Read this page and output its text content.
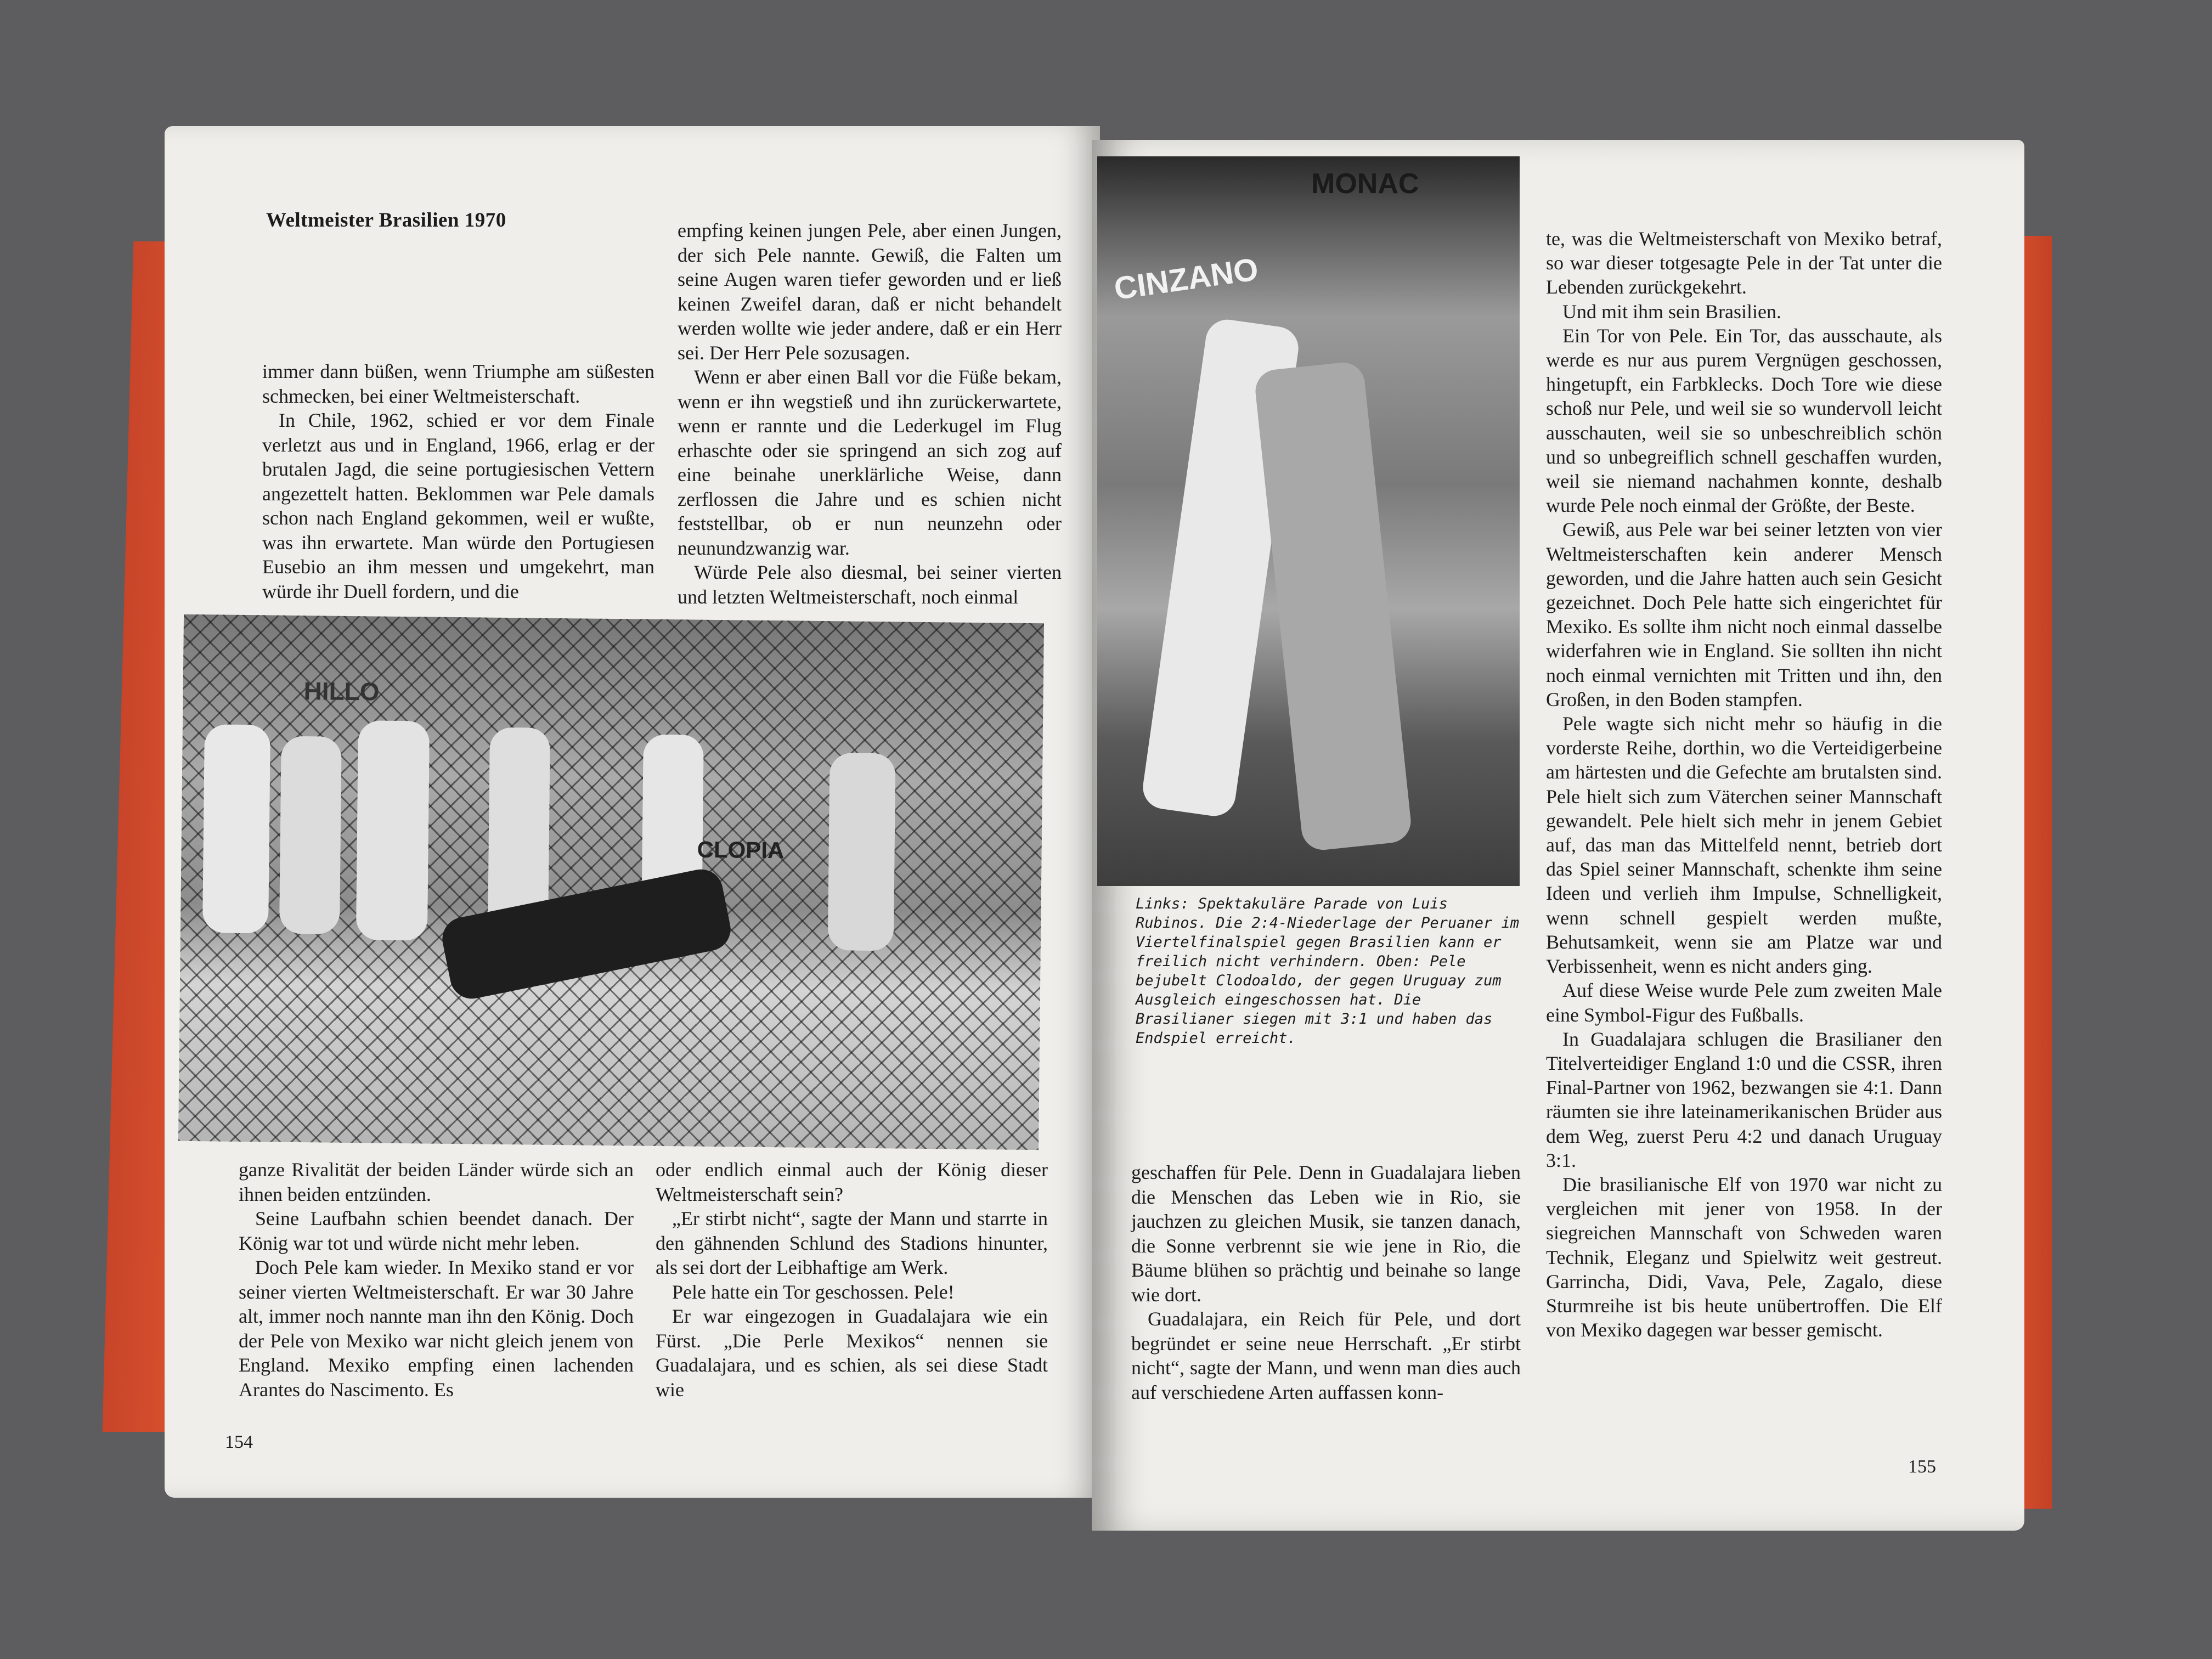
Weltmeister Brasilien 1970

immer dann büßen, wenn Triumphe am süßesten schmecken, bei einer Weltmeisterschaft.

In Chile, 1962, schied er vor dem Finale verletzt aus und in England, 1966, erlag er der brutalen Jagd, die seine portugiesischen Vettern angezettelt hatten. Beklommen war Pele damals schon nach England gekommen, weil er wußte, was ihn erwartete. Man würde den Portugiesen Eusebio an ihm messen und umgekehrt, man würde ihr Duell fordern, und die

empfing keinen jungen Pele, aber einen Jungen, der sich Pele nannte. Gewiß, die Falten um seine Augen waren tiefer geworden und er ließ keinen Zweifel daran, daß er nicht behandelt werden wollte wie jeder andere, daß er ein Herr sei. Der Herr Pele sozusagen.

Wenn er aber einen Ball vor die Füße bekam, wenn er ihn wegstieß und ihn zurückerwartete, wenn er rannte und die Lederkugel im Flug erhaschte oder sie springend an sich zog auf eine beinahe unerklärliche Weise, dann zerflossen die Jahre und es schien nicht feststellbar, ob er nun neunzehn oder neunundzwanzig war.

Würde Pele also diesmal, bei seiner vierten und letzten Weltmeisterschaft, noch einmal

HILLO
CLOPIA

ganze Rivalität der beiden Länder würde sich an ihnen beiden entzünden.

Seine Laufbahn schien beendet danach. Der König war tot und würde nicht mehr leben.

Doch Pele kam wieder. In Mexiko stand er vor seiner vierten Weltmeisterschaft. Er war 30 Jahre alt, immer noch nannte man ihn den König. Doch der Pele von Mexiko war nicht gleich jenem von England. Mexiko empfing einen lachenden Arantes do Nascimento. Es

oder endlich einmal auch der König dieser Weltmeisterschaft sein?

„Er stirbt nicht“, sagte der Mann und starrte in den gähnenden Schlund des Stadions hinunter, als sei dort der Leibhaftige am Werk.

Pele hatte ein Tor geschossen. Pele!

Er war eingezogen in Guadalajara wie ein Fürst. „Die Perle Mexikos“ nennen sie Guadalajara, und es schien, als sei diese Stadt wie

154
MONAC
CINZANO
Links: Spektakuläre Parade von Luis Rubinos. Die 2:4-Niederlage der Peruaner im Viertelfinalspiel gegen Brasilien kann er freilich nicht verhindern. Oben: Pele bejubelt Clodoaldo, der gegen Uruguay zum Ausgleich eingeschossen hat. Die Brasilianer siegen mit 3:1 und haben das Endspiel erreicht.

geschaffen für Pele. Denn in Guadalajara lieben die Menschen das Leben wie in Rio, sie jauchzen zu gleichen Musik, sie tanzen danach, die Sonne verbrennt sie wie jene in Rio, die Bäume blühen so prächtig und beinahe so lange wie dort.

Guadalajara, ein Reich für Pele, und dort begründet er seine neue Herrschaft. „Er stirbt nicht“, sagte der Mann, und wenn man dies auch auf verschiedene Arten auffassen konn-

te, was die Weltmeisterschaft von Mexiko betraf, so war dieser totgesagte Pele in der Tat unter die Lebenden zurückgekehrt.

Und mit ihm sein Brasilien.

Ein Tor von Pele. Ein Tor, das ausschaute, als werde es nur aus purem Vergnügen geschossen, hingetupft, ein Farbklecks. Doch Tore wie diese schoß nur Pele, und weil sie so wundervoll leicht ausschauten, weil sie so unbeschreiblich schön und so unbegreiflich schnell geschaffen wurden, weil sie niemand nachahmen konnte, deshalb wurde Pele noch einmal der Größte, der Beste.

Gewiß, aus Pele war bei seiner letzten von vier Weltmeisterschaften kein anderer Mensch geworden, und die Jahre hatten auch sein Gesicht gezeichnet. Doch Pele hatte sich eingerichtet für Mexiko. Es sollte ihm nicht noch einmal dasselbe widerfahren wie in England. Sie sollten ihn nicht noch einmal vernichten mit Tritten und ihn, den Großen, in den Boden stampfen.

Pele wagte sich nicht mehr so häufig in die vorderste Reihe, dorthin, wo die Verteidigerbeine am härtesten und die Gefechte am brutalsten sind. Pele hielt sich zum Väterchen seiner Mannschaft gewandelt. Pele hielt sich mehr in jenem Gebiet auf, das man das Mittelfeld nennt, betrieb dort das Spiel seiner Mannschaft, schenkte ihm seine Ideen und verlieh ihm Impulse, Schnelligkeit, wenn schnell gespielt werden mußte, Behutsamkeit, wenn sie am Platze war und Verbissenheit, wenn es nicht anders ging.

Auf diese Weise wurde Pele zum zweiten Male eine Symbol-Figur des Fußballs.

In Guadalajara schlugen die Brasilianer den Titelverteidiger England 1:0 und die CSSR, ihren Final-Partner von 1962, bezwangen sie 4:1. Dann räumten sie ihre lateinamerikanischen Brüder aus dem Weg, zuerst Peru 4:2 und danach Uruguay 3:1.

Die brasilianische Elf von 1970 war nicht zu vergleichen mit jener von 1958. In der siegreichen Mannschaft von Schweden waren Technik, Eleganz und Spielwitz weit gestreut. Garrincha, Didi, Vava, Pele, Zagalo, diese Sturmreihe ist bis heute unübertroffen. Die Elf von Mexiko dagegen war besser gemischt.

155
